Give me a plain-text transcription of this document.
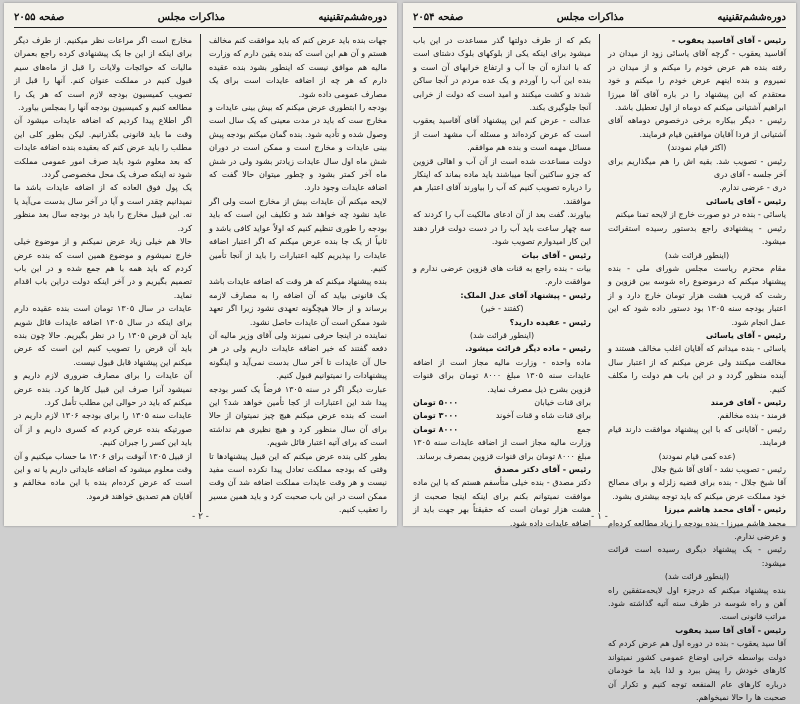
دوره‌ششم‌تقنینیه
مذاکرات مجلس
صفحه ۲۰۵۵

جهات بنده باید عرض کنم که باید موافقت کنم مخالف هستم و آن هم این است که بنده یقین دارم که وزارت مالیه هم موافق نیست که اینطور بشود بنده عقیده دارم که هر چه از اضافه عایدات است برای یک مصارف عمومی داده شود.

بودجه را ابتطوری عرض میکنم که بیش بینی عایدات و مخارج ست که باید در مدت معینی که یک سال است وصول شده و تأدیه شود. بنده گمان میکنم بودجه پیش بینی عایدات و مخارج است و ممکن است در دوران شش ماه اول سال عایدات زیادتر بشود ولی در شش ماه آخر کمتر بشود و چطور میتوان حالا گفت که اضافه عایدات وجود دارد.

لایحه میکنم آن عایدات بیش از مخارج است ولی اگر عاید نشود چه خواهد شد و تکلیف این است که باید بودجه را طوری تنظیم کنیم که اولاً عواید کافی باشد و ثانیاً از یک جا بنده عرض میکنم که اگر اعتبار اضافه عایدات را بپذیریم کلیه اعتبارات را باید از آنجا تأمین کنیم.

بنده پیشنهاد میکنم که هر وقت که اضافه عایدات باشد یک قانونی بیاید که آن اضافه را به مصارف لازمه برساند و از حالا هیچگونه تعهدی نشود زیرا اگر تعهد شود ممکن است آن عایدات حاصل نشود.

نماینده در اینجا حرفی نمیزند ولی آقای وزیر مالیه آن دفعه گفتند که خیر اضافه عایدات داریم ولی در هر حال آن عایدات تا آخر سال بدست نمی‌آید و اینگونه پیشنهادات را نمیتوانیم قبول کنیم.

عبارت دیگر اگر در سنه ۱۳۰۵ فرضاً یک کسر بودجه پیدا شد این اعتبارات از کجا تأمین خواهد شد؟ این است که بنده عرض میکنم هیچ چیز نمیتوان از حالا برای آن سال منظور کرد و هیچ نظیری هم نداشته است که برای آتیه اعتبار قائل شویم.

بطور کلی بنده عرض میکنم که این قبیل پیشنهادها تا وقتی که بودجه مملکت تعادل پیدا نکرده است مفید نیست و هر وقت عایدات مملکت اضافه شد آن وقت ممکن است در این باب صحبت کرد و باید همین مسیر را تعقیب کنیم.

مخارج است اگر مراعات نظر میکنیم. از طرف دیگر برای اینکه از این جا یک پیشنهادی کرده راجع بعمران مالیات که حوائجات ولایات را قبل از ماه‌های سیم قبول کنیم در مملکت عنوان کنم. آنها را قبل از تصویب کمیسیون بودجه لازم است که هر یک را مطالعه کنیم و کمیسیون بودجه آنها را بمجلس بیاورد.

اگر اطلاع پیدا کردیم که اضافه عایدات میشود آن وقت ما باید قانونی بگذرانیم. لیکن بطور کلی این مطلب را باید عرض کنم که بعقیده بنده اضافه عایدات که بعد معلوم شود باید صرف امور عمومی مملکت شود نه اینکه صرف یک محل مخصوصی گردد.

یک پول فوق العاده که از اضافه عایدات باشد ما نمیدانیم چقدر است و آیا در آخر سال بدست می‌آید یا نه. این قبیل مخارج را باید در بودجه سال بعد منظور کرد.

حالا هم خیلی زیاد عرض نمیکنم و از موضوع خیلی خارج نمیشوم و موضوع همین است که بنده عرض کردم که باید همه با هم جمع شده و در این باب تصمیم بگیریم و در آخر اینکه دولت دراین باب اقدام نماید.

عایدات در سال ۱۳۰۵ تومان است بنده عقیده دارم برای اینکه در سال ۱۳۰۵ اضافه عایدات قائل شویم باید آن قرض ۱۳۰۵ را در نظر بگیریم. حالا چون بنده باید آن قرض را تصویب کنیم این است که عرض میکنم این پیشنهاد قابل قبول نیست.

آن عایدات را برای مصارف ضروری لازم داریم و نمیشود آنرا صرف این قبیل کارها کرد. بنده عرض میکنم که باید در حوالی این مطلب تأمل کرد.

عایدات سنه ۱۳۰۵ را برای بودجه ۱۳۰۶ لازم داریم در صورتیکه بنده عرض کردم که کسری داریم و از آن باید این کسر را جبران کنیم.

از قبیل ۱۳۰۵ آنوقت برای ۱۳۰۶ ما حساب میکنیم و آن وقت معلوم میشود که اضافه عایداتی داریم یا نه و این است که عرض کرده‌ام بنده با این ماده مخالفم و آقایان هم تصدیق خواهند فرمود.

- ۲ -
دوره‌ششم‌تقنینیه
مذاکرات مجلس
صفحه ۲۰۵۴

رئیس - آقای آقاسید یعقوب -

آقاسید یعقوب - گرچه آقای یاسائی زود از میدان در رفته بنده هم عرض خودم را میکنم و از میدان در نمیروم و بنده اینهم عرض خودم را میکنم و خود معتقدم که این پیشنهاد را در باره آقای آقا میرزا ابراهیم آشتیانی میکنم که دوماه از اول تعطیل باشد.

رئیس - دیگر بیکاره برخی درخصوص دوماهه آقای آشتیانی از فردا آقایان موافقین قیام فرمایند.

(اکثر قیام نمودند)

رئیس - تصویب شد. بقیه اش را هم میگذاریم برای آخر جلسه - آقای دری

دری - عرضی ندارم.

رئیس - آقای یاسائی

یاسائی - بنده در دو صورت خارج از لایحه تمنا میکنم

رئیس - پیشنهادی راجع بدستور رسیده استقرائت میشود.

(اینطور قرائت شد)

مقام محترم ریاست مجلس شورای ملی - بنده پیشنهاد میکنم که درموضوع راه شوسه بین قزوین و رشت که قریب هشت هزار تومان خارج دارد و از اعتبار بودجه سنه ۱۳۰۵ بود دستور داده شود که این عمل انجام شود.

رئیس - آقای یاسائی

یاسائی - بنده میدانم که آقایان اغلب مخالف هستند و مخالفت میکنند ولی عرض میکنم که از اعتبار سال آینده منظور گردد و در این باب هم دولت را مکلف کنیم.

رئیس - آقای فرمند

فرمند - بنده مخالفم.

رئیس - آقایانی که با این پیشنهاد موافقت دارند قیام فرمایند.

(عده کمی قیام نمودند)

رئیس - تصویب نشد - آقای آقا شیخ جلال

آقا شیخ جلال - بنده برای قضیه زلزله و برای مصالح خود مملکت عرض میکنم که باید توجه بیشتری بشود.

رئیس - آقای محمد هاشم میرزا

محمد هاشم میرزا - بنده بودجه را زیاد مطالعه کرده‌ام و عرضی ندارم.

رئیس - یک پیشنهاد دیگری رسیده است قرائت میشود:

(اینطور قرائت شد)

بنده پیشنهاد میکنم که درجزء اول لایحه‌متفقین راه آهن و راه شوسه در ظرف سنه آتیه گذاشته شود. مراتب قانونی است.

رئیس - آقای آقا سید یعقوب

آقا سید یعقوب - بنده در دوره اول هم عرض کردم که دولت بواسطه خرابی اوضاع عمومی کشور نمیتواند کارهای خودش را پیش ببرد و لذا باید ما خودمان درباره کارهای عام المنفعه توجه کنیم و تکرار آن صحبت ها را حالا نمیخواهم.

بکم که از طرف دولتها گذر مساعدت در این باب میشود برای اینکه یکی از بلوکهای بلوک دشتای است که با اندازه آن جا آب و ارتفاع خرابهای آن است و بنده این آب را آوردم و یک عده مردم در آنجا ساکن شدند و کشت میکنند و امید است که دولت از خرابی آنجا جلوگیری بکند.

عدالت - عرض کنم این پیشنهاد آقای آقاسید یعقوب است که عرض کرده‌اند و مسئله آب مشهد است از مسائل مهمه است و بنده هم موافقم.

دولت مساعدت شده است از آن آب و اهالی قزوین که جزو ساکنین آنجا میباشند باید ماده بماند که اینکار را درباره تصویب کنیم که آب را بیاورند آقای اعتبار هم موافقند.

بیاورند. گفت بعد از آن ادعای مالکیت آب را کردند که سه چهار ساعت باید آب را در دست دولت قرار دهند این کار امیدوارم تصویب شود.

رئیس - آقای بیات

بیات - بنده راجع به قنات های قزوین عرضی ندارم و موافقت دارم.

رئیس - پیشنهاد آقای عدل الملک:

(کفتند - خیر)

رئیس - عقیده دارید؟

(اینطور قرائت شد)

رئیس - ماده دیگر قرائت میشود.

ماده واحده - وزارت مالیه مجاز است از اضافه عایدات سنه ۱۳۰۵ مبلغ ۸۰۰۰ تومان برای قنوات قزوین بشرح ذیل مصرف نماید.

برای قنات خیابان
۵۰۰۰ تومان
برای قنات شاه و قنات آخوند
۳۰۰۰ تومان
جمع
۸۰۰۰ تومان

وزارت مالیه مجاز است از اضافه عایدات سنه ۱۳۰۵ مبلغ ۸۰۰۰ تومان برای قنوات قزوین بمصرف برساند.

رئیس - آقای دکتر مصدق

دکتر مصدق - بنده خیلی متأسفم هستم که با این ماده موافقت نمیتوانم بکنم برای اینکه اینجا صحبت از هشت هزار تومان است که حقیقتاً بهر جهت باید از اضافه عایدات داده شود.

- ۱ -
